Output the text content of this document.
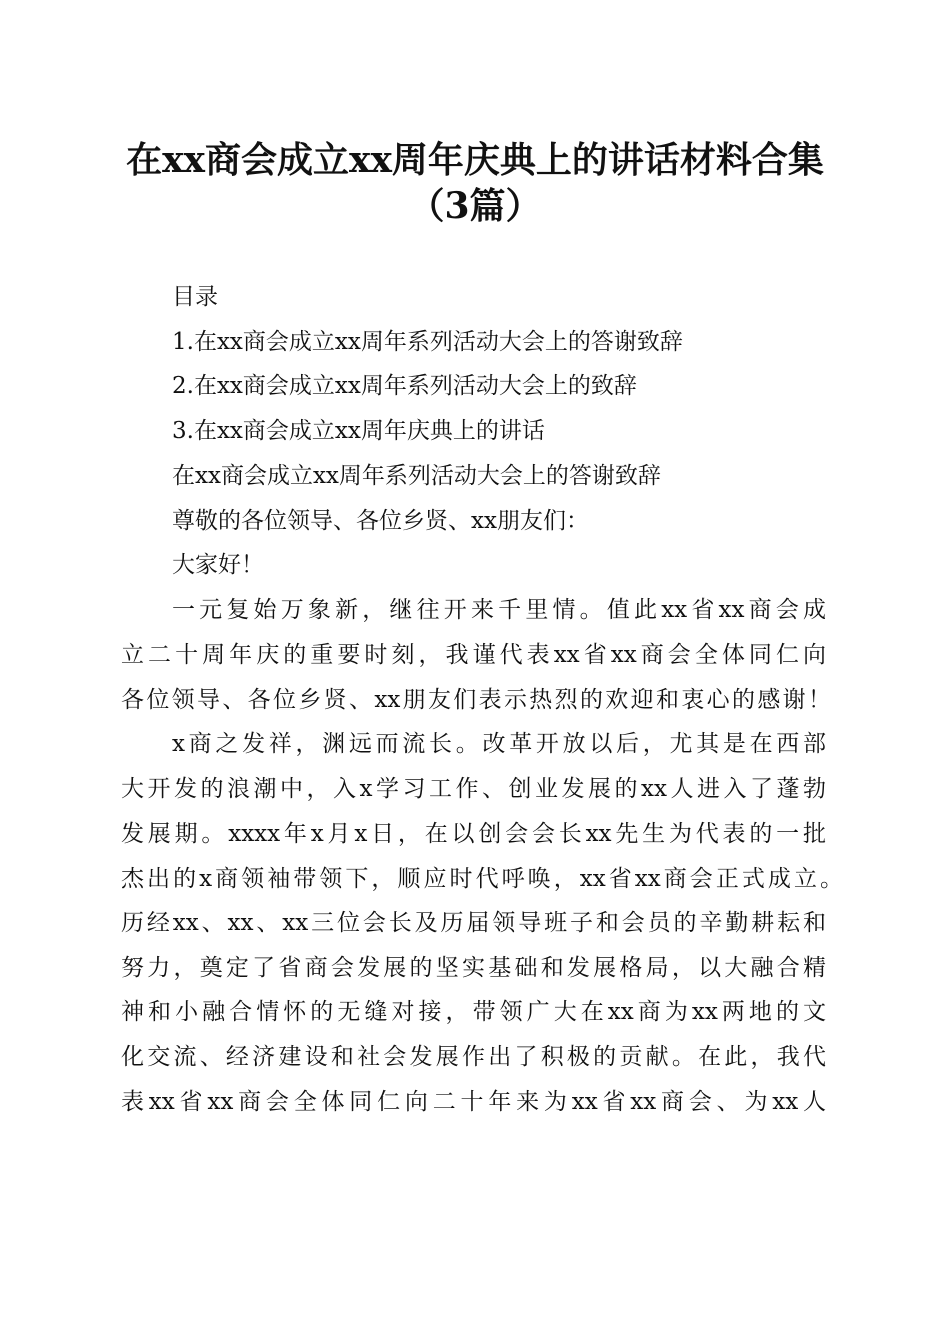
在xx商会成立xx周年庆典上的讲话材料合集
（3篇）

目录

1.在xx商会成立xx周年系列活动大会上的答谢致辞

2.在xx商会成立xx周年系列活动大会上的致辞

3.在xx商会成立xx周年庆典上的讲话

在xx商会成立xx周年系列活动大会上的答谢致辞

尊敬的各位领导、各位乡贤、xx朋友们：

大家好！

一元复始万象新，继往开来千里情。值此xx省xx商会成

立二十周年庆的重要时刻，我谨代表xx省xx商会全体同仁向

各位领导、各位乡贤、xx朋友们表示热烈的欢迎和衷心的感谢！

x商之发祥，渊远而流长。改革开放以后，尤其是在西部

大开发的浪潮中，入x学习工作、创业发展的xx人进入了蓬勃

发展期。xxxx年x月x日，在以创会会长xx先生为代表的一批

杰出的x商领袖带领下，顺应时代呼唤，xx省xx商会正式成立。

历经xx、xx、xx三位会长及历届领导班子和会员的辛勤耕耘和

努力，奠定了省商会发展的坚实基础和发展格局，以大融合精

神和小融合情怀的无缝对接，带领广大在xx商为xx两地的文

化交流、经济建设和社会发展作出了积极的贡献。在此，我代

表xx省xx商会全体同仁向二十年来为xx省xx商会、为xx人
